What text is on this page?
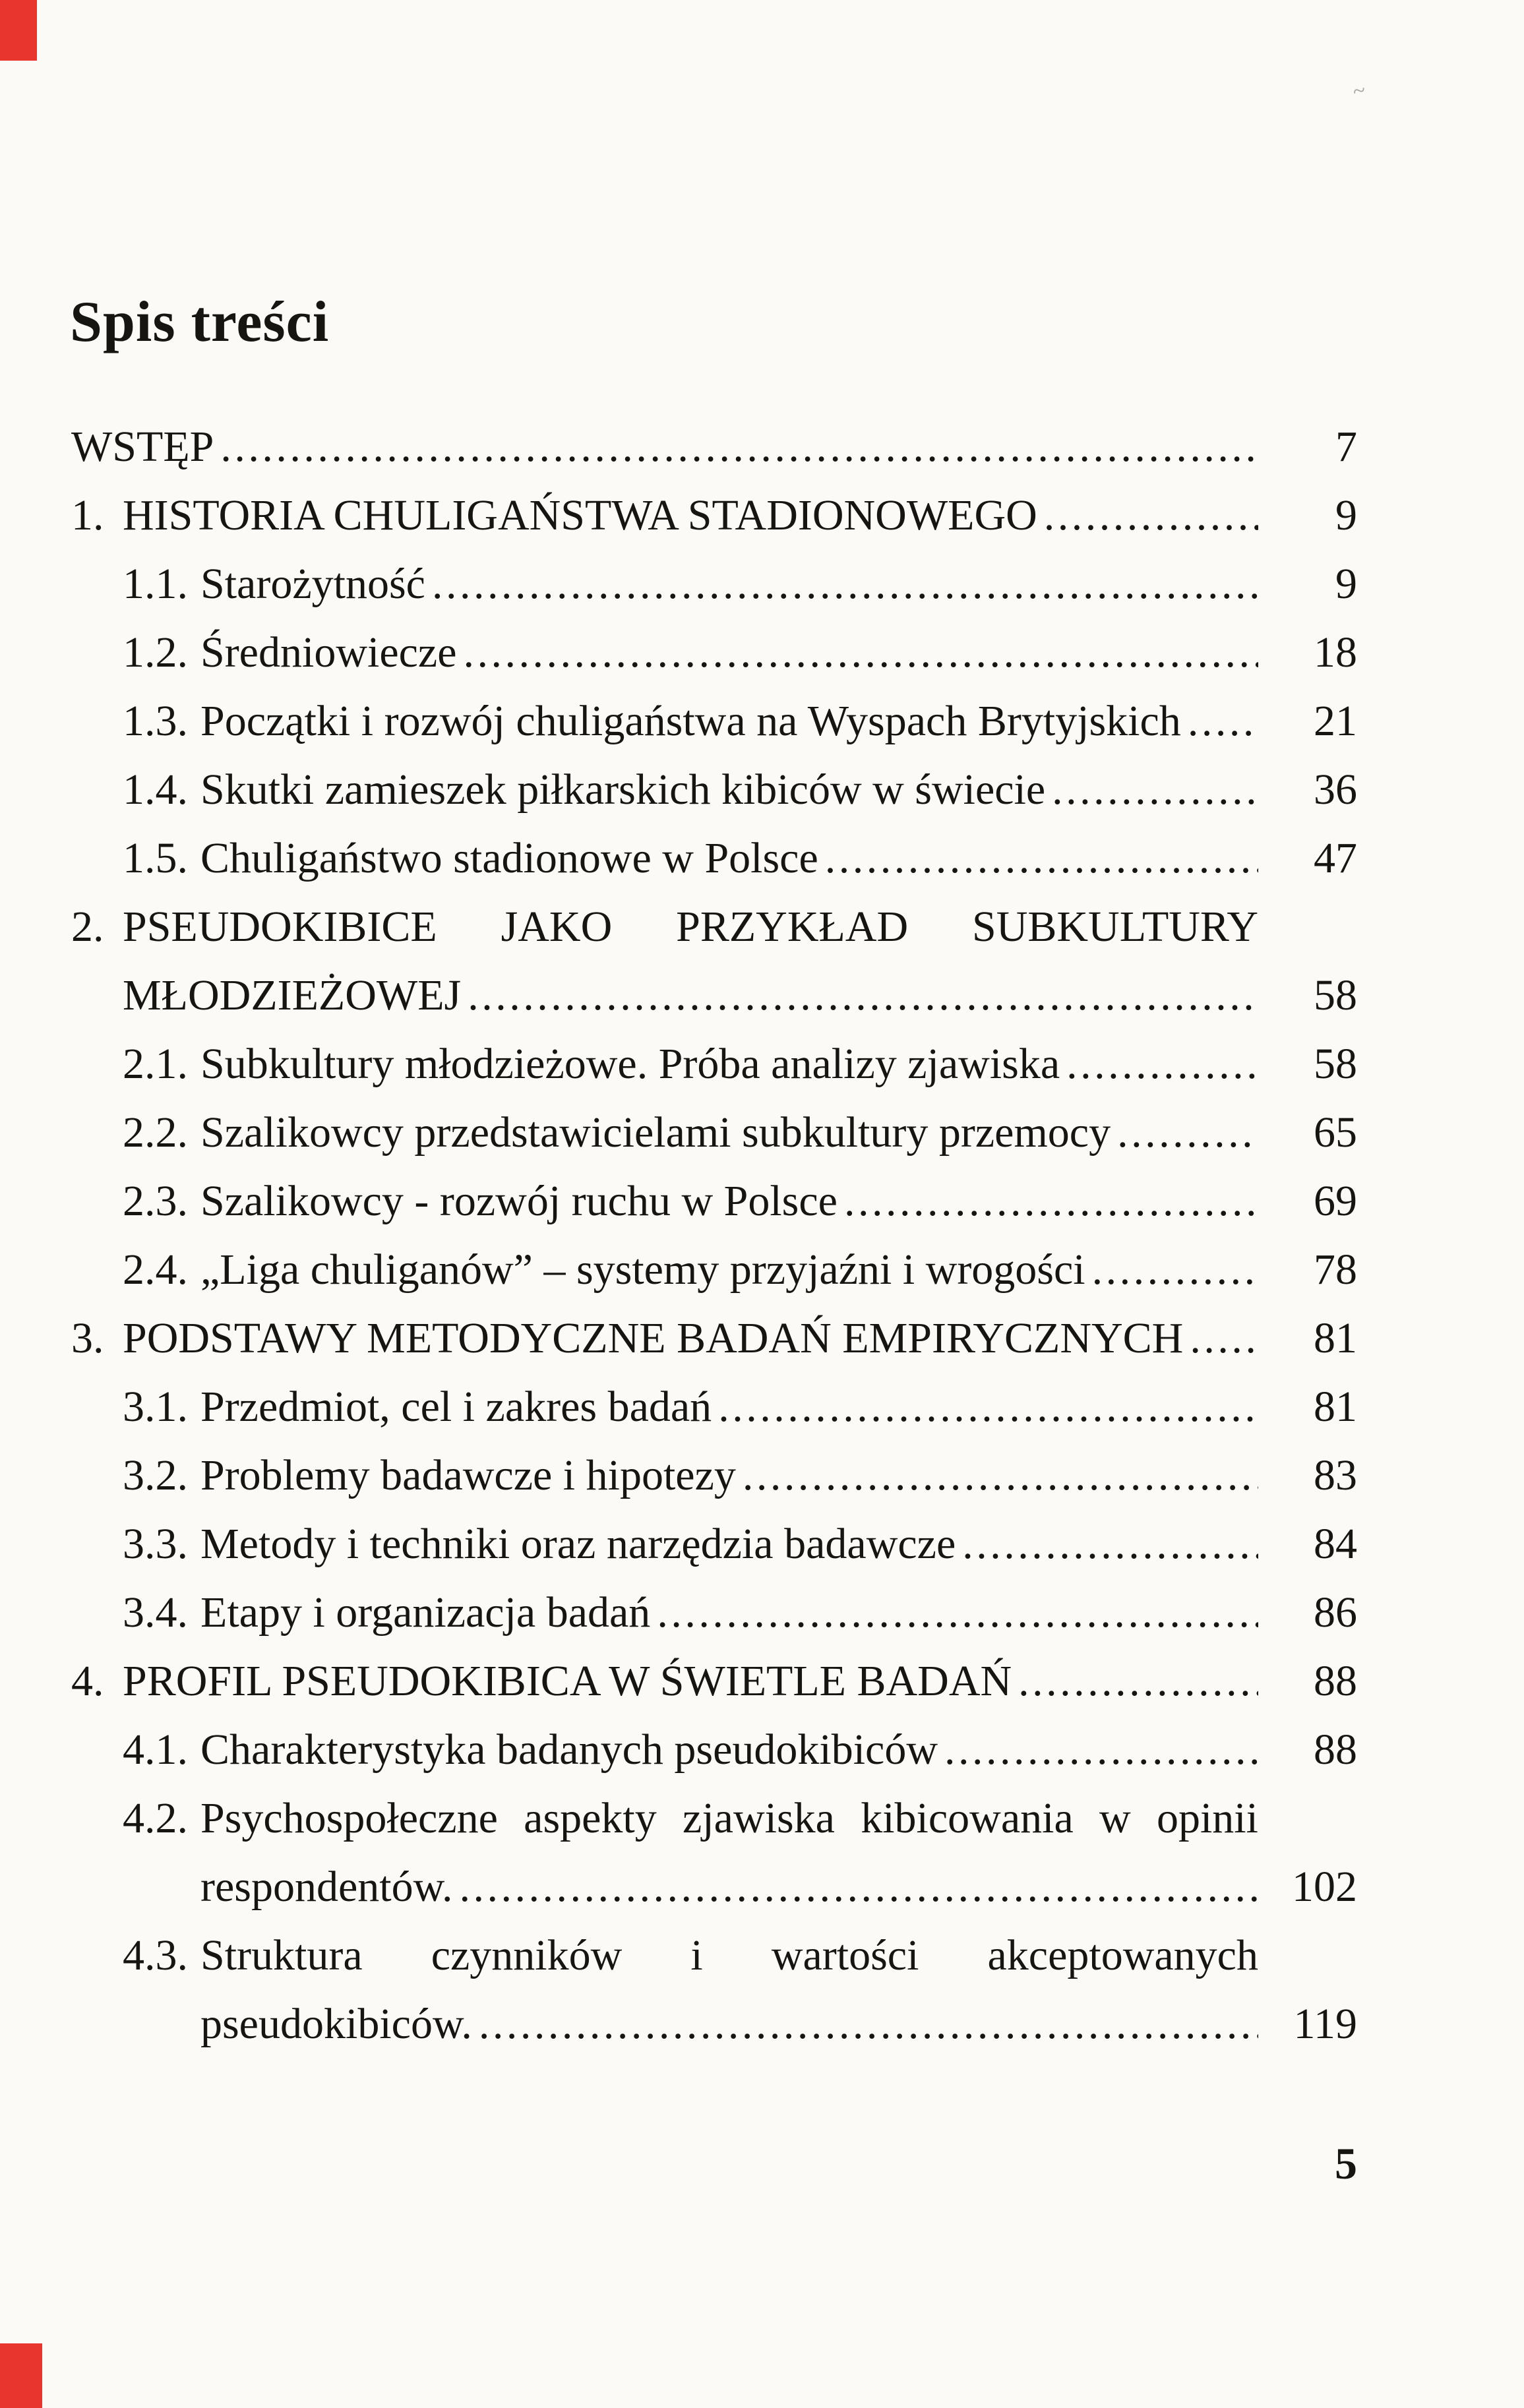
~
Spis treści
WSTĘP .....	7
1. HISTORIA CHULIGAŃSTWA STADIONOWEGO .....	9
1.1. Starożytność .....	9
1.2. Średniowiecze .....	18
1.3. Początki i rozwój chuligaństwa na Wyspach Brytyjskich .....	21
1.4. Skutki zamieszek piłkarskich kibiców w świecie .....	36
1.5. Chuligaństwo stadionowe w Polsce .....	47
2. PSEUDOKIBICE JAKO PRZYKŁAD SUBKULTURY
MŁODZIEŻOWEJ .....	58
2.1. Subkultury młodzieżowe. Próba analizy zjawiska .....	58
2.2. Szalikowcy przedstawicielami subkultury przemocy .....	65
2.3. Szalikowcy - rozwój ruchu w Polsce .....	69
2.4. „Liga chuliganów” – systemy przyjaźni i wrogości .....	78
3. PODSTAWY METODYCZNE BADAŃ EMPIRYCZNYCH .....	81
3.1. Przedmiot, cel i zakres badań .....	81
3.2. Problemy badawcze i hipotezy .....	83
3.3. Metody i techniki oraz narzędzia badawcze .....	84
3.4. Etapy i organizacja badań .....	86
4. PROFIL PSEUDOKIBICA W ŚWIETLE BADAŃ .....	88
4.1. Charakterystyka badanych pseudokibiców .....	88
4.2. Psychospołeczne aspekty zjawiska kibicowania w opinii
respondentów. .....	102
4.3. Struktura czynników i wartości akceptowanych
pseudokibiców. .....	119
5
